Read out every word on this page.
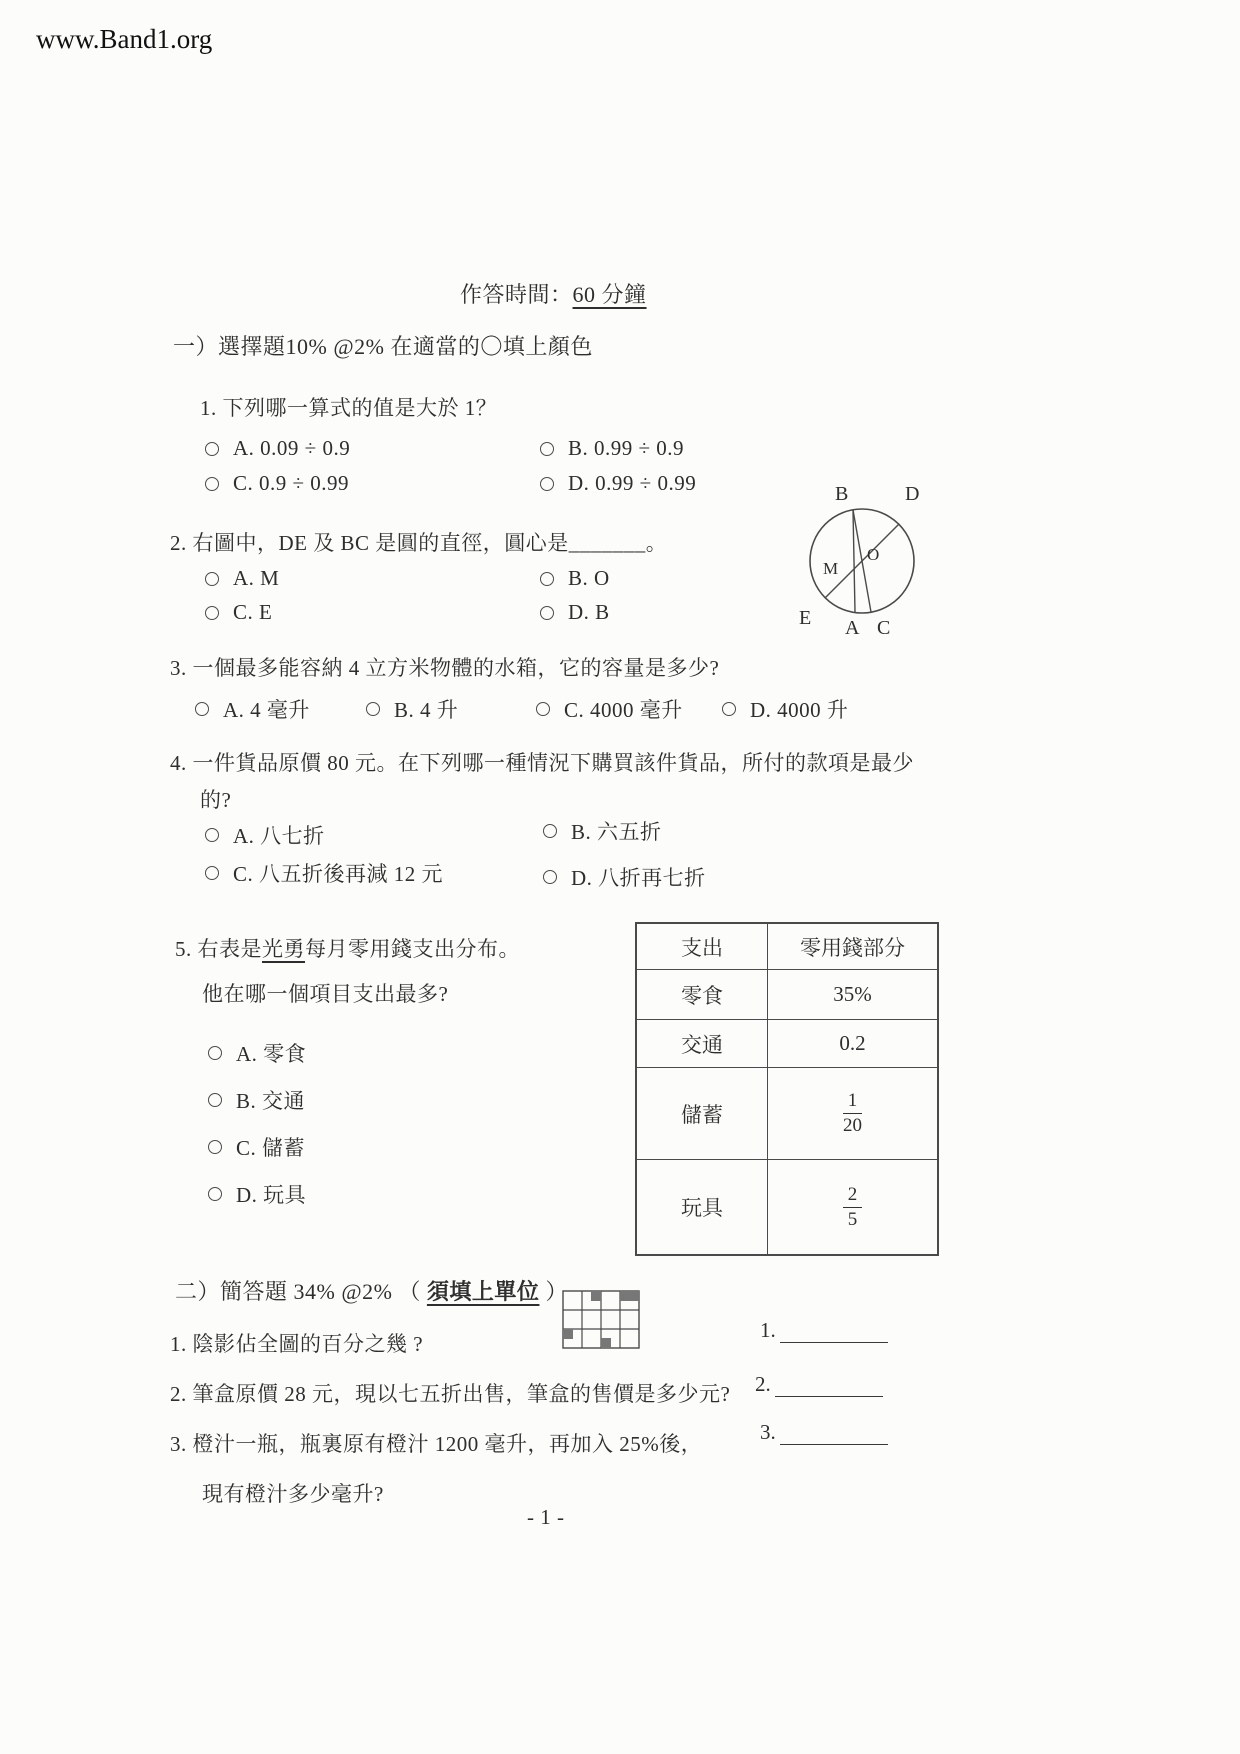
www.Band1.org
作答時間：60 分鐘
一）選擇題10% @2% 在適當的〇填上顏色
1. 下列哪一算式的值是大於 1？
A. 0.09 ÷ 0.9	B. 0.99 ÷ 0.9
C. 0.9 ÷ 0.99	D. 0.99 ÷ 0.99
2. 右圖中，DE 及 BC 是圓的直徑，圓心是_______。
A. M	B. O
C. E	D. B
B	D
M
O
E A C
3. 一個最多能容納 4 立方米物體的水箱，它的容量是多少?
A. 4 毫升	B. 4 升	C. 4000 毫升	D. 4000 升
4. 一件貨品原價 80 元。在下列哪一種情況下購買該件貨品，所付的款項是最少
的?
A. 八七折	B. 六五折
C. 八五折後再減 12 元	D. 八折再七折
5. 右表是光勇每月零用錢支出分布。
他在哪一個項目支出最多?
A. 零食
B. 交通
C. 儲蓄
D. 玩具
支出	零用錢部分
零食	35%
交通	0.2
儲蓄	$\frac{1}{20}$
玩具	$\frac{2}{5}$
二）簡答題 34% @2% （ 須填上單位 ）
1. 陰影佔全圖的百分之幾 ?
1.
2. 筆盒原價 28 元，現以七五折出售，筆盒的售價是多少元? 2.
3. 橙汁一瓶，瓶裏原有橙汁 1200 毫升，再加入 25%後，	3.
現有橙汁多少毫升?
- 1 -
